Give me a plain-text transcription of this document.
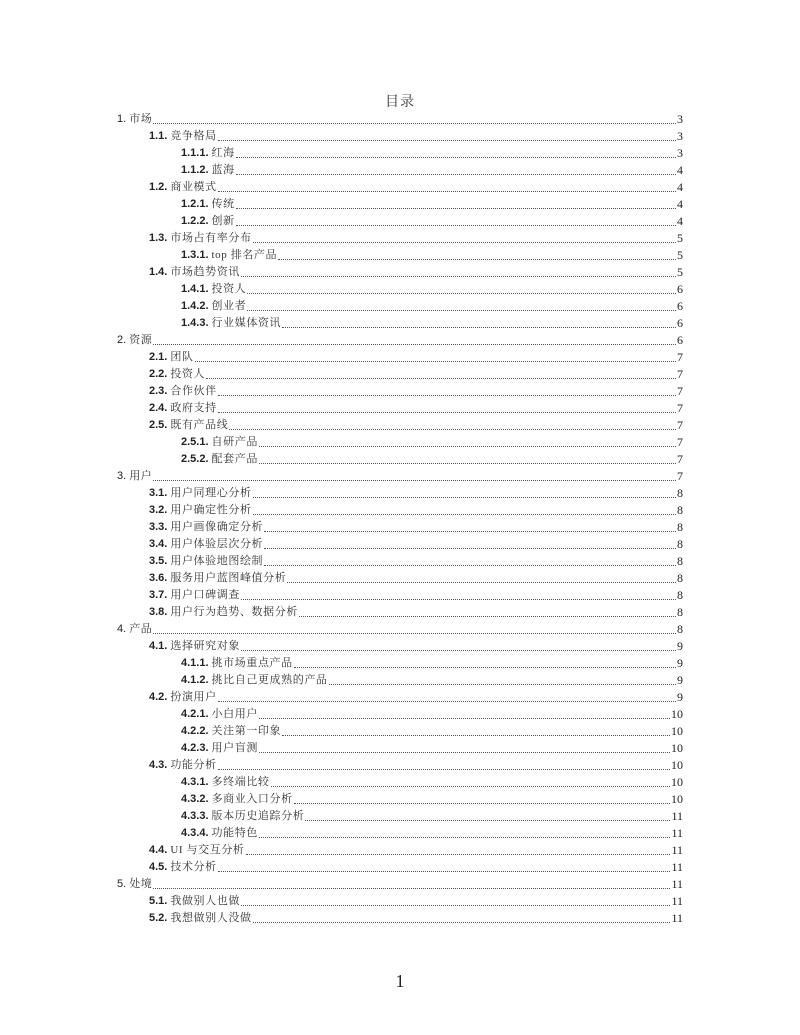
目录
1. 市场	3
1.1. 竞争格局	3
1.1.1. 红海	3
1.1.2. 蓝海	4
1.2. 商业模式	4
1.2.1. 传统	4
1.2.2. 创新	4
1.3. 市场占有率分布	5
1.3.1. top 排名产品	5
1.4. 市场趋势资讯	5
1.4.1. 投资人	6
1.4.2. 创业者	6
1.4.3. 行业媒体资讯	6
2. 资源	6
2.1. 团队	7
2.2. 投资人	7
2.3. 合作伙伴	7
2.4. 政府支持	7
2.5. 既有产品线	7
2.5.1. 自研产品	7
2.5.2. 配套产品	7
3. 用户	7
3.1. 用户同理心分析	8
3.2. 用户确定性分析	8
3.3. 用户画像确定分析	8
3.4. 用户体验层次分析	8
3.5. 用户体验地图绘制	8
3.6. 服务用户蓝图峰值分析	8
3.7. 用户口碑调查	8
3.8. 用户行为趋势、数据分析	8
4. 产品	8
4.1. 选择研究对象	9
4.1.1. 挑市场重点产品	9
4.1.2. 挑比自己更成熟的产品	9
4.2. 扮演用户	9
4.2.1. 小白用户	10
4.2.2. 关注第一印象	10
4.2.3. 用户盲测	10
4.3. 功能分析	10
4.3.1. 多终端比较	10
4.3.2. 多商业入口分析	10
4.3.3. 版本历史追踪分析	11
4.3.4. 功能特色	11
4.4. UI 与交互分析	11
4.5. 技术分析	11
5. 处境	11
5.1. 我做别人也做	11
5.2. 我想做别人没做	11
1
